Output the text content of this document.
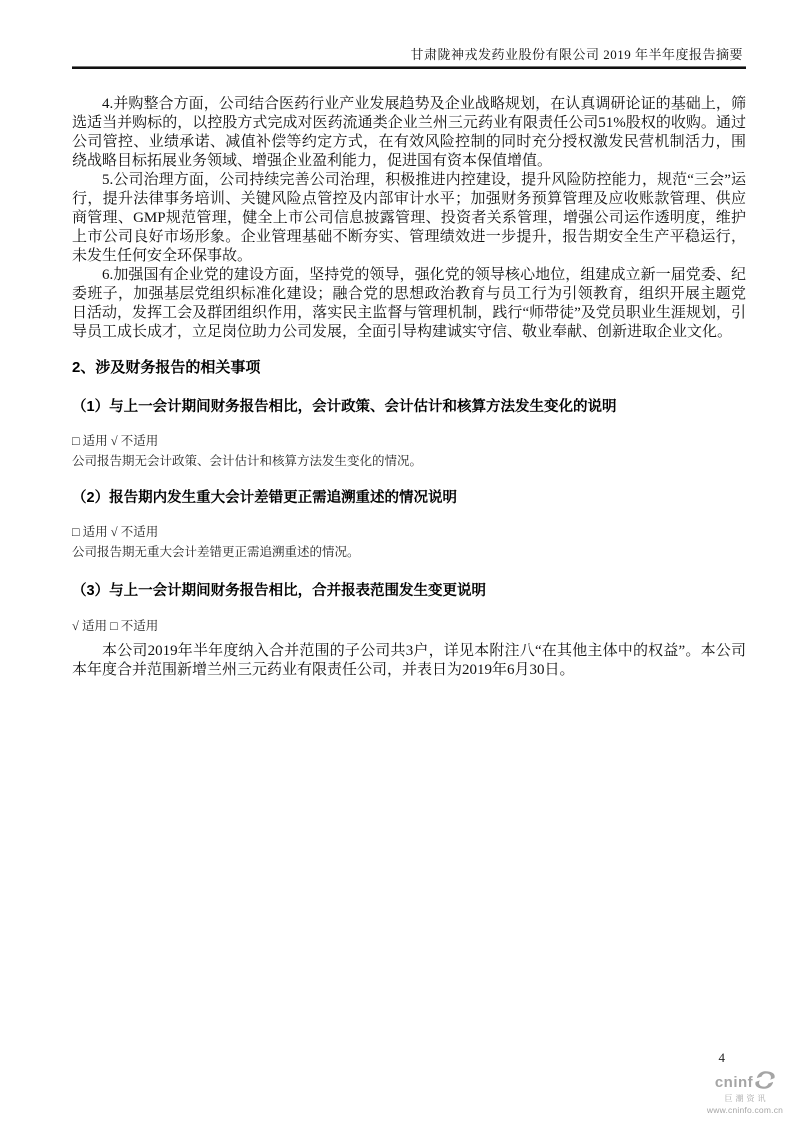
甘肃陇神戎发药业股份有限公司 2019 年半年度报告摘要

4.并购整合方面，公司结合医药行业产业发展趋势及企业战略规划，在认真调研论证的基础上，筛选适当并购标的，以控股方式完成对医药流通类企业兰州三元药业有限责任公司51%股权的收购。通过公司管控、业绩承诺、减值补偿等约定方式，在有效风险控制的同时充分授权激发民营机制活力，围绕战略目标拓展业务领域、增强企业盈利能力，促进国有资本保值增值。

5.公司治理方面，公司持续完善公司治理，积极推进内控建设，提升风险防控能力，规范“三会”运行，提升法律事务培训、关键风险点管控及内部审计水平；加强财务预算管理及应收账款管理、供应商管理、GMP规范管理，健全上市公司信息披露管理、投资者关系管理，增强公司运作透明度，维护上市公司良好市场形象。企业管理基础不断夯实、管理绩效进一步提升，报告期安全生产平稳运行，未发生任何安全环保事故。

6.加强国有企业党的建设方面，坚持党的领导，强化党的领导核心地位，组建成立新一届党委、纪委班子，加强基层党组织标准化建设；融合党的思想政治教育与员工行为引领教育，组织开展主题党日活动，发挥工会及群团组织作用，落实民主监督与管理机制，践行“师带徒”及党员职业生涯规划，引导员工成长成才，立足岗位助力公司发展，全面引导构建诚实守信、敬业奉献、创新进取企业文化。

2、涉及财务报告的相关事项
（1）与上一会计期间财务报告相比，会计政策、会计估计和核算方法发生变化的说明
□ 适用 √ 不适用
公司报告期无会计政策、会计估计和核算方法发生变化的情况。
（2）报告期内发生重大会计差错更正需追溯重述的情况说明
□ 适用 √ 不适用
公司报告期无重大会计差错更正需追溯重述的情况。
（3）与上一会计期间财务报告相比，合并报表范围发生变更说明
√ 适用 □ 不适用

本公司2019年半年度纳入合并范围的子公司共3户，详见本附注八“在其他主体中的权益”。本公司本年度合并范围新增兰州三元药业有限责任公司，并表日为2019年6月30日。

4
cninf
巨潮资讯
www.cninfo.com.cn
